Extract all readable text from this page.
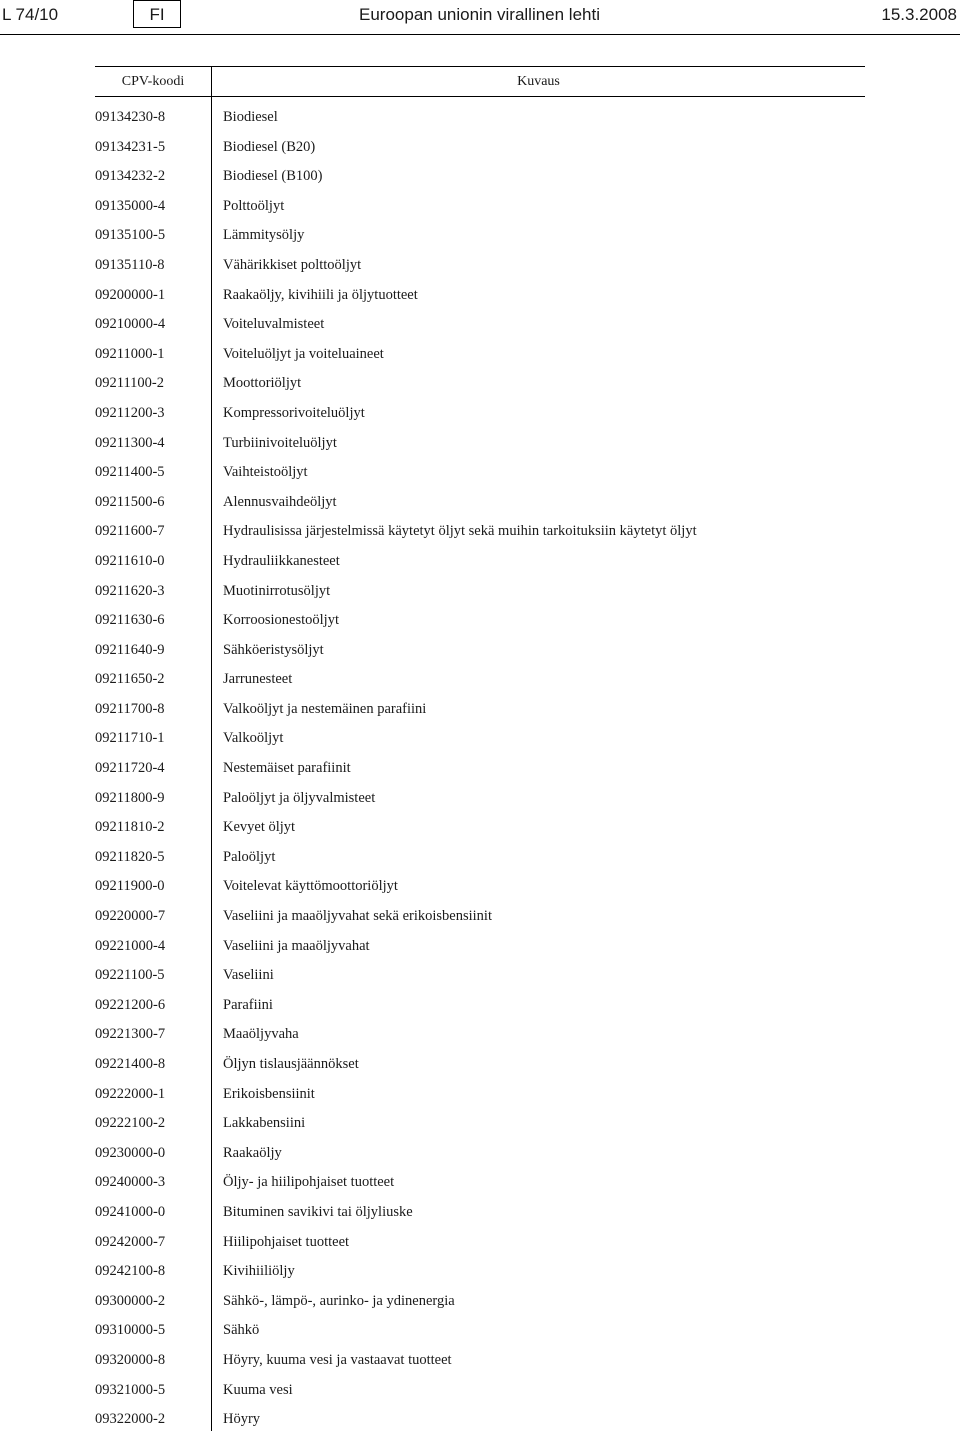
L 74/10	FI	Euroopan unionin virallinen lehti	15.3.2008
CPV-koodi	Kuvaus
09134230-8	Biodiesel
09134231-5	Biodiesel (B20)
09134232-2	Biodiesel (B100)
09135000-4	Polttoöljyt
09135100-5	Lämmitysöljy
09135110-8	Vähärikkiset polttoöljyt
09200000-1	Raakaöljy, kivihiili ja öljytuotteet
09210000-4	Voiteluvalmisteet
09211000-1	Voiteluöljyt ja voiteluaineet
09211100-2	Moottoriöljyt
09211200-3	Kompressorivoiteluöljyt
09211300-4	Turbiinivoiteluöljyt
09211400-5	Vaihteistoöljyt
09211500-6	Alennusvaihdeöljyt
09211600-7	Hydraulisissa järjestelmissä käytetyt öljyt sekä muihin tarkoituksiin käytetyt öljyt
09211610-0	Hydrauliikkanesteet
09211620-3	Muotinirrotusöljyt
09211630-6	Korroosionestoöljyt
09211640-9	Sähköeristysöljyt
09211650-2	Jarrunesteet
09211700-8	Valkoöljyt ja nestemäinen parafiini
09211710-1	Valkoöljyt
09211720-4	Nestemäiset parafiinit
09211800-9	Paloöljyt ja öljyvalmisteet
09211810-2	Kevyet öljyt
09211820-5	Paloöljyt
09211900-0	Voitelevat käyttömoottoriöljyt
09220000-7	Vaseliini ja maaöljyvahat sekä erikoisbensiinit
09221000-4	Vaseliini ja maaöljyvahat
09221100-5	Vaseliini
09221200-6	Parafiini
09221300-7	Maaöljyvaha
09221400-8	Öljyn tislausjäännökset
09222000-1	Erikoisbensiinit
09222100-2	Lakkabensiini
09230000-0	Raakaöljy
09240000-3	Öljy- ja hiilipohjaiset tuotteet
09241000-0	Bituminen savikivi tai öljyliuske
09242000-7	Hiilipohjaiset tuotteet
09242100-8	Kivihiiliöljy
09300000-2	Sähkö-, lämpö-, aurinko- ja ydinenergia
09310000-5	Sähkö
09320000-8	Höyry, kuuma vesi ja vastaavat tuotteet
09321000-5	Kuuma vesi
09322000-2	Höyry
